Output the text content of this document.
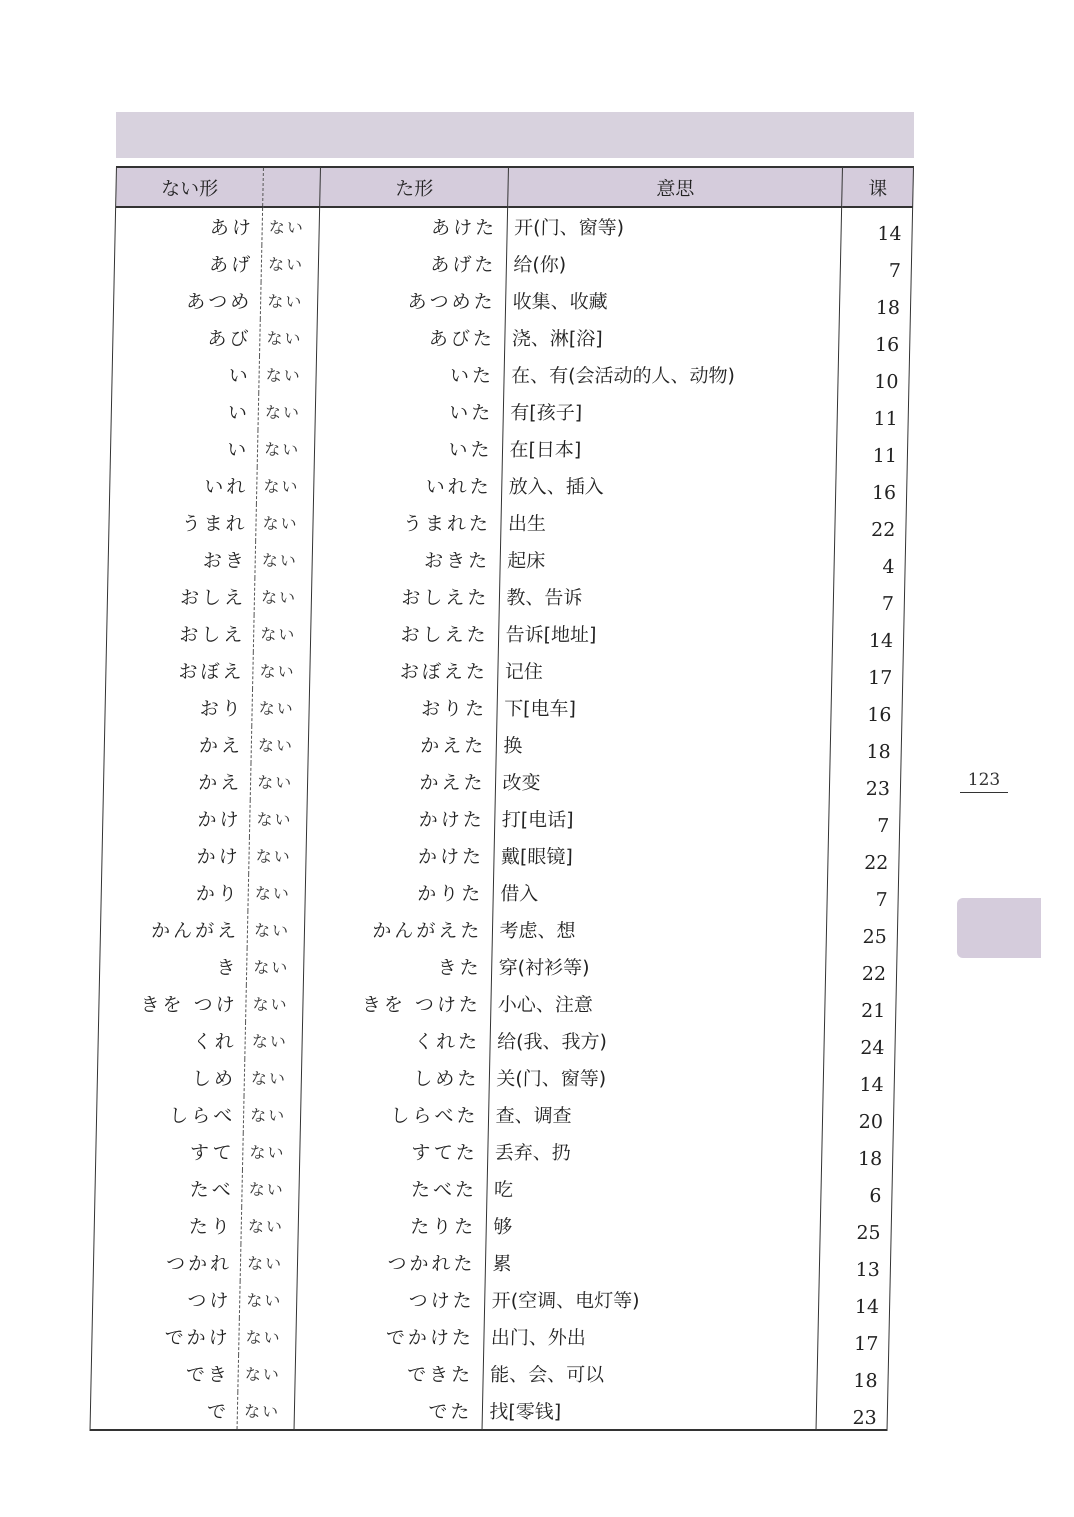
ない形		た形	意思	课
あけ	ない	あけた	开(门、窗等)	14
あげ	ない	あげた	给(你)	7
あつめ	ない	あつめた	收集、收藏	18
あび	ない	あびた	浇、淋[浴]	16
い	ない	いた	在、有(会活动的人、动物)	10
い	ない	いた	有[孩子]	11
い	ない	いた	在[日本]	11
いれ	ない	いれた	放入、插入	16
うまれ	ない	うまれた	出生	22
おき	ない	おきた	起床	4
おしえ	ない	おしえた	教、告诉	7
おしえ	ない	おしえた	告诉[地址]	14
おぼえ	ない	おぼえた	记住	17
おり	ない	おりた	下[电车]	16
かえ	ない	かえた	换	18
かえ	ない	かえた	改变	23
かけ	ない	かけた	打[电话]	7
かけ	ない	かけた	戴[眼镜]	22
かり	ない	かりた	借入	7
かんがえ	ない	かんがえた	考虑、想	25
き	ない	きた	穿(衬衫等)	22
きを つけ	ない	きを つけた	小心、注意	21
くれ	ない	くれた	给(我、我方)	24
しめ	ない	しめた	关(门、窗等)	14
しらべ	ない	しらべた	查、调查	20
すて	ない	すてた	丢弃、扔	18
たべ	ない	たべた	吃	6
たり	ない	たりた	够	25
つかれ	ない	つかれた	累	13
つけ	ない	つけた	开(空调、电灯等)	14
でかけ	ない	でかけた	出门、外出	17
でき	ない	できた	能、会、可以	18
で	ない	でた	找[零钱]	23
123
